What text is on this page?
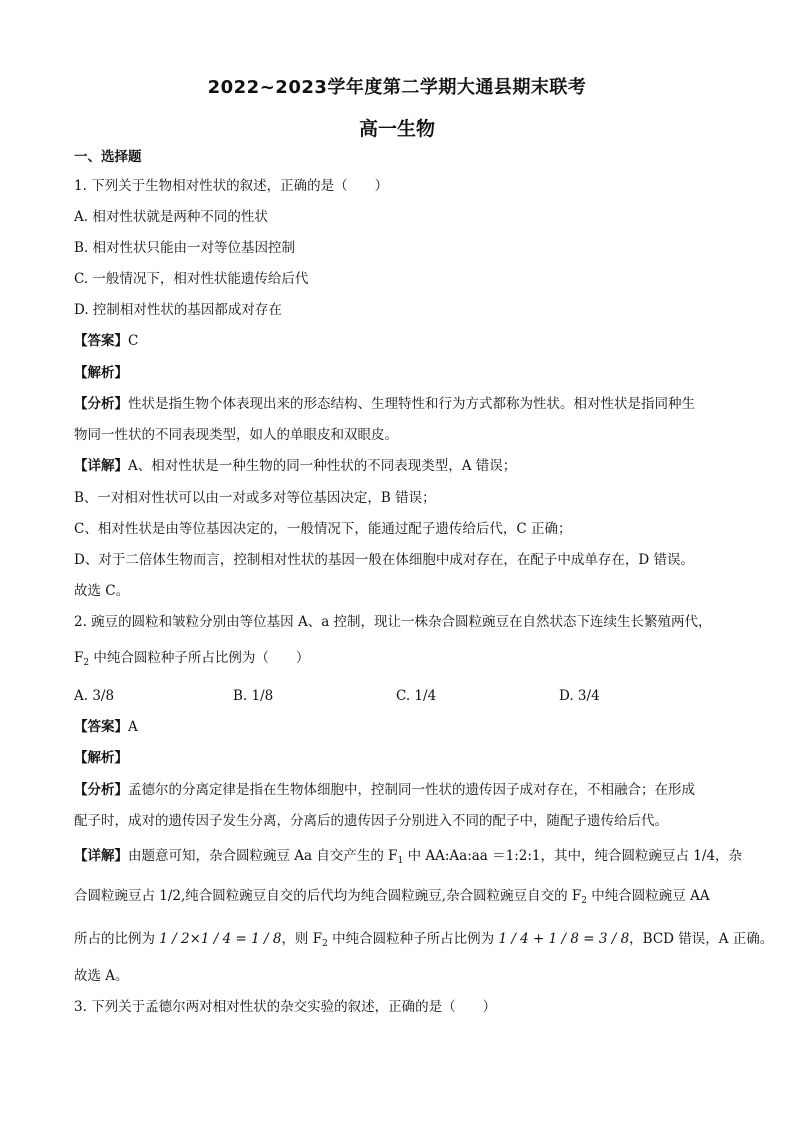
2022~2023学年度第二学期大通县期末联考
高一生物
一、选择题
1. 下列关于生物相对性状的叙述，正确的是（　　）
A. 相对性状就是两种不同的性状
B. 相对性状只能由一对等位基因控制
C. 一般情况下，相对性状能遗传给后代
D. 控制相对性状的基因都成对存在
【答案】C
【解析】
【分析】性状是指生物个体表现出来的形态结构、生理特性和行为方式都称为性状。相对性状是指同种生
物同一性状的不同表现类型，如人的单眼皮和双眼皮。
【详解】A、相对性状是一种生物的同一种性状的不同表现类型，A 错误；
B、一对相对性状可以由一对或多对等位基因决定，B 错误；
C、相对性状是由等位基因决定的，一般情况下，能通过配子遗传给后代，C 正确；
D、对于二倍体生物而言，控制相对性状的基因一般在体细胞中成对存在，在配子中成单存在，D 错误。
故选 C。
2. 豌豆的圆粒和皱粒分别由等位基因 A、a 控制，现让一株杂合圆粒豌豆在自然状态下连续生长繁殖两代，
$F_2$ 中纯合圆粒种子所占比例为（　　）
A. 3/8	B. 1/8	C. 1/4	D. 3/4
【答案】A
【解析】
【分析】孟德尔的分离定律是指在生物体细胞中，控制同一性状的遗传因子成对存在，不相融合；在形成
配子时，成对的遗传因子发生分离，分离后的遗传因子分别进入不同的配子中，随配子遗传给后代。
【详解】由题意可知，杂合圆粒豌豆 Aa 自交产生的 $F_1$ 中 AA:Aa:aa ＝1:2:1，其中，纯合圆粒豌豆占 1/4，杂
合圆粒豌豆占 1/2,纯合圆粒豌豆自交的后代均为纯合圆粒豌豆,杂合圆粒豌豆自交的 $F_2$ 中纯合圆粒豌豆 AA
所占的比例为 1 / 2×1 / 4 = 1 / 8，则 $F_2$ 中纯合圆粒种子所占比例为 1 / 4 + 1 / 8 = 3 / 8，BCD 错误，A 正确。
故选 A。
3. 下列关于孟德尔两对相对性状的杂交实验的叙述，正确的是（　　）
